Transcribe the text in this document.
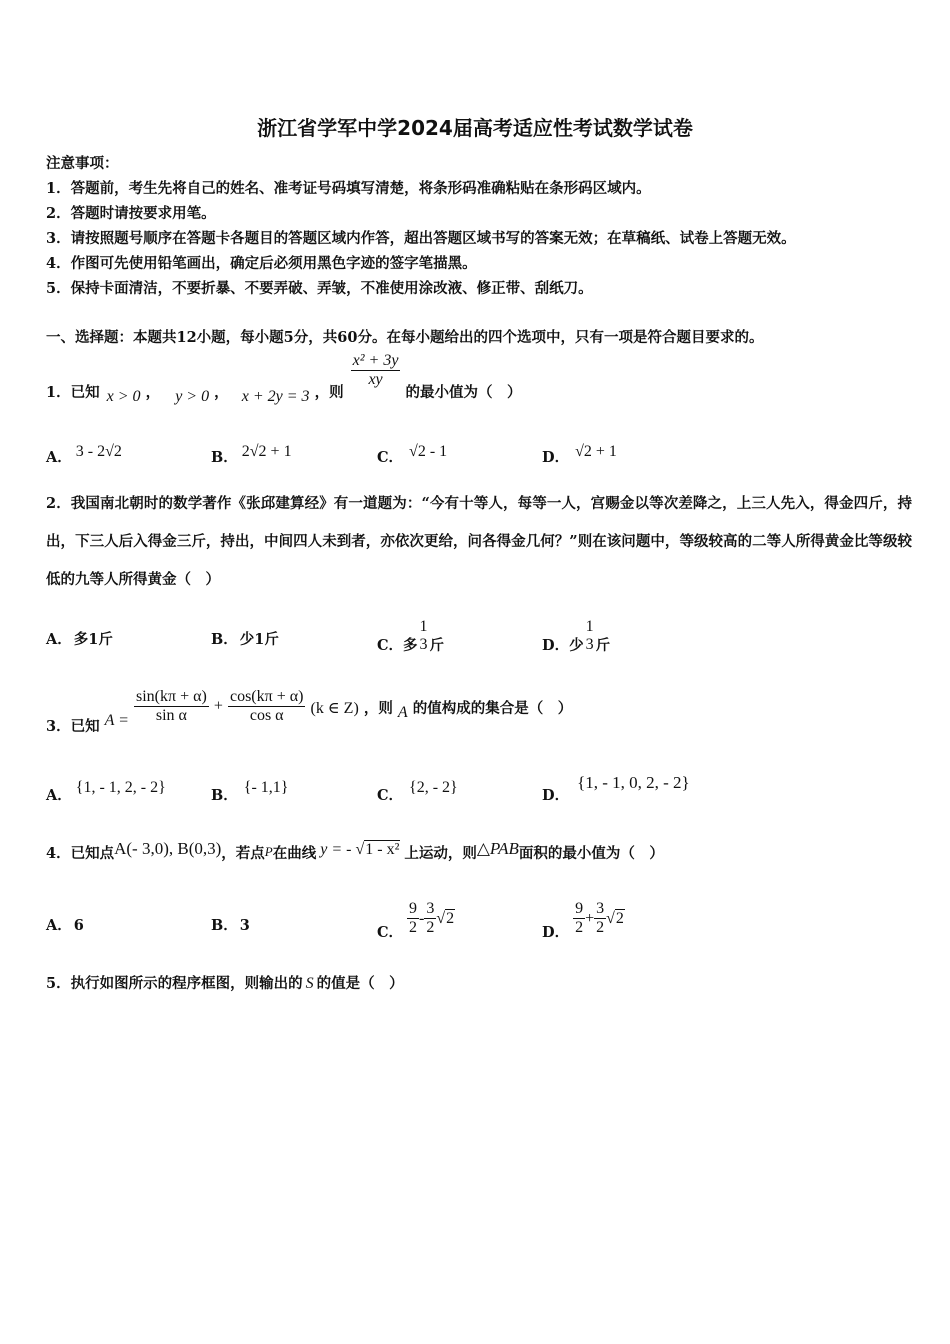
浙江省学军中学2024届高考适应性考试数学试卷
注意事项：
1．答题前，考生先将自己的姓名、准考证号码填写清楚，将条形码准确粘贴在条形码区域内。
2．答题时请按要求用笔。
3．请按照题号顺序在答题卡各题目的答题区域内作答，超出答题区域书写的答案无效；在草稿纸、试卷上答题无效。
4．作图可先使用铅笔画出，确定后必须用黑色字迹的签字笔描黑。
5．保持卡面清洁，不要折暴、不要弄破、弄皱，不准使用涂改液、修正带、刮纸刀。
一、选择题：本题共12小题，每小题5分，共60分。在每小题给出的四个选项中，只有一项是符合题目要求的。
1．已知 x > 0 ， y > 0 ， x + 2y = 3 ，则
$\frac{\text{x² + 3y}}{xy}$
的最小值为（　）
A． 3 - 2√2	B． 2√2 + 1	C． √2 - 1	D． √2 + 1
2．我国南北朝时的数学著作《张邱建算经》有一道题为：“今有十等人，每等一人，宫赐金以等次差降之，上三人先入，得金四斤，持出，下三人后入得金三斤，持出，中间四人未到者，亦依次更给，问各得金几何？”则在该问题中，等级较高的二等人所得黄金比等级较低的九等人所得黄金（　）
A． 多1斤	B． 少1斤	C．多
1
3 斤	D．少
1
3 斤
3．已知 $A = \frac{\sin(k\pi + \alpha)}{\text{sin α}} + \frac{\cos(k\pi + \alpha)}{\text{cos α}} (k$ ∈ Z) ，则 A 的值构成的集合是（　）
A． {1, - 1, 2, - 2}	B． {- 1,1}	C． {2, - 2}	D．{1, - 1, 0, 2, - 2}
4．已知点A(- 3,0), B(0,3)，若点P在曲线 y = - √1 - x² 上运动，则△PAB面积的最小值为（　）
A． 6	B． 3	C． $\frac{9}{2} - \frac{3}{2} √2$
D． $\frac{9}{2} + \frac{3}{2} √2$
5．执行如图所示的程序框图，则输出的 S 的值是（　）
